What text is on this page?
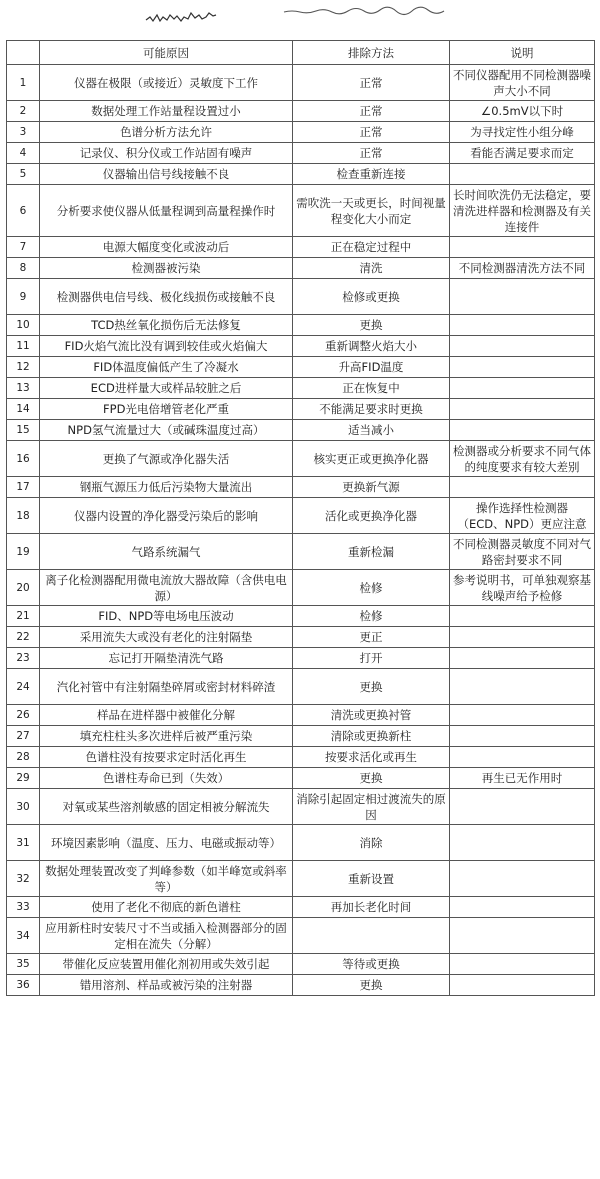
	可能原因	排除方法	说明
1	仪器在极限（或接近）灵敏度下工作	正常	不同仪器配用不同检测器噪声大小不同
2	数据处理工作站量程设置过小	正常	∠0.5mV以下时
3	色谱分析方法允许	正常	为寻找定性小组分峰
4	记录仪、积分仪或工作站固有噪声	正常	看能否满足要求而定
5	仪器输出信号线接触不良	检查重新连接	
6	分析要求使仪器从低量程调到高量程操作时	需吹洗一天或更长，时间视量程变化大小而定	长时间吹洗仍无法稳定，要清洗进样器和检测器及有关连接件
7	电源大幅度变化或波动后	正在稳定过程中	
8	检测器被污染	清洗	不同检测器清洗方法不同
9	检测器供电信号线、极化线损伤或接触不良	检修或更换	
10	TCD热丝氧化损伤后无法修复	更换	
11	FID火焰气流比没有调到较佳或火焰偏大	重新调整火焰大小	
12	FID体温度偏低产生了冷凝水	升高FID温度	
13	ECD进样量大或样品较脏之后	正在恢复中	
14	FPD光电倍增管老化严重	不能满足要求时更换	
15	NPD氢气流量过大（或碱珠温度过高）	适当减小	
16	更换了气源或净化器失活	核实更正或更换净化器	检测器或分析要求不同气体的纯度要求有较大差别
17	钢瓶气源压力低后污染物大量流出	更换新气源	
18	仪器内设置的净化器受污染后的影响	活化或更换净化器	操作选择性检测器（ECD、NPD）更应注意
19	气路系统漏气	重新检漏	不同检测器灵敏度不同对气路密封要求不同
20	离子化检测器配用微电流放大器故障（含供电电源）	检修	参考说明书，可单独观察基线噪声给予检修
21	FID、NPD等电场电压波动	检修	
22	采用流失大或没有老化的注射隔垫	更正	
23	忘记打开隔垫清洗气路	打开	
24	汽化衬管中有注射隔垫碎屑或密封材料碎渣	更换	
26	样品在进样器中被催化分解	清洗或更换衬管	
27	填充柱柱头多次进样后被严重污染	清除或更换新柱	
28	色谱柱没有按要求定时活化再生	按要求活化或再生	
29	色谱柱寿命已到（失效）	更换	再生已无作用时
30	对氧或某些溶剂敏感的固定相被分解流失	消除引起固定相过渡流失的原因	
31	环境因素影响（温度、压力、电磁或振动等）	消除	
32	数据处理装置改变了判峰参数（如半峰宽或斜率等）	重新设置	
33	使用了老化不彻底的新色谱柱	再加长老化时间	
34	应用新柱时安装尺寸不当或插入检测器部分的固定相在流失（分解）		
35	带催化反应装置用催化剂初用或失效引起	等待或更换	
36	错用溶剂、样品或被污染的注射器	更换	
